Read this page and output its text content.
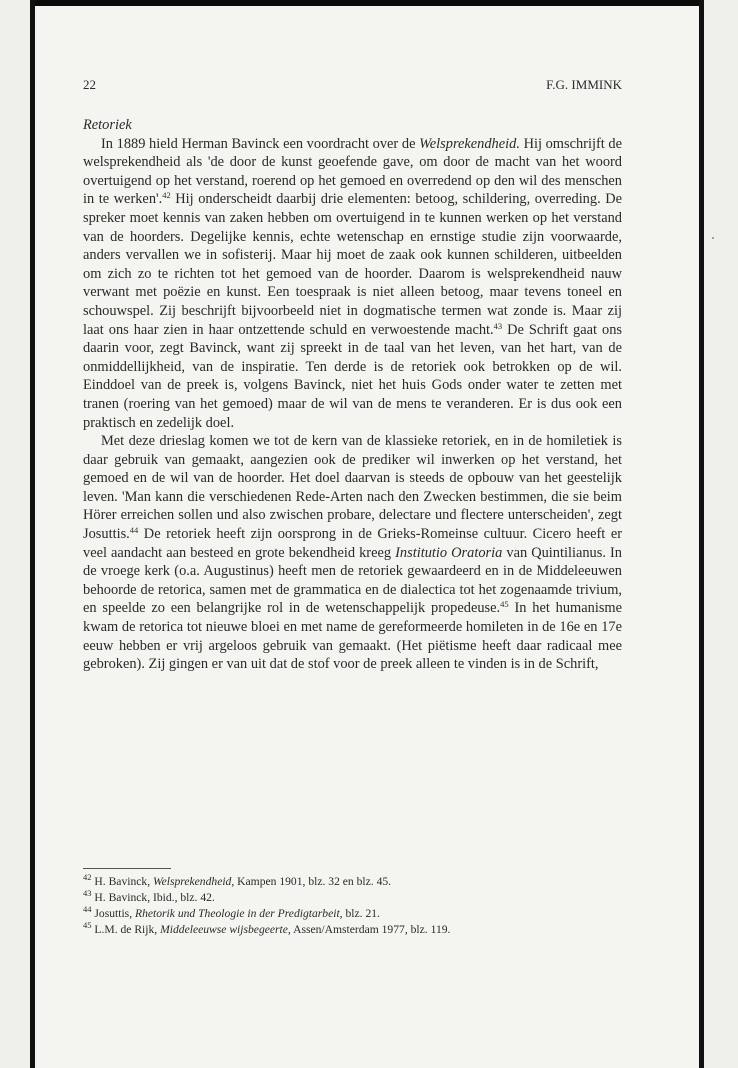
22	F.G. IMMINK

Retoriek

In 1889 hield Herman Bavinck een voordracht over de Welsprekendheid. Hij omschrijft de welsprekendheid als 'de door de kunst geoefende gave, om door de macht van het woord overtuigend op het verstand, roerend op het gemoed en overredend op den wil des menschen in te werken'.$^{42}$ Hij onderscheidt daarbij drie elementen: betoog, schildering, overreding. De spreker moet kennis van zaken hebben om overtuigend in te kunnen werken op het verstand van de hoorders. Degelijke kennis, echte wetenschap en ernstige studie zijn voorwaarde, anders vervallen we in sofisterij. Maar hij moet de zaak ook kunnen schilderen, uitbeelden om zich zo te richten tot het gemoed van de hoorder. Daarom is welsprekendheid nauw verwant met poëzie en kunst. Een toespraak is niet alleen betoog, maar tevens toneel en schouwspel. Zij beschrijft bijvoorbeeld niet in dogmatische termen wat zonde is. Maar zij laat ons haar zien in haar ontzettende schuld en verwoestende macht.$^{43}$ De Schrift gaat ons daarin voor, zegt Bavinck, want zij spreekt in de taal van het leven, van het hart, van de onmiddellijkheid, van de inspiratie. Ten derde is de retoriek ook betrokken op de wil. Einddoel van de preek is, volgens Bavinck, niet het huis Gods onder water te zetten met tranen (roering van het gemoed) maar de wil van de mens te veranderen. Er is dus ook een praktisch en zedelijk doel.

Met deze drieslag komen we tot de kern van de klassieke retoriek, en in de homiletiek is daar gebruik van gemaakt, aangezien ook de prediker wil inwerken op het verstand, het gemoed en de wil van de hoorder. Het doel daarvan is steeds de opbouw van het geestelijk leven. 'Man kann die verschiedenen Rede-Arten nach den Zwecken bestimmen, die sie beim Hörer erreichen sollen und also zwischen probare, delectare und flectere unterscheiden', zegt Josuttis.$^{44}$ De retoriek heeft zijn oorsprong in de Grieks-Romeinse cultuur. Cicero heeft er veel aandacht aan besteed en grote bekendheid kreeg Institutio Oratoria van Quintilianus. In de vroege kerk (o.a. Augustinus) heeft men de retoriek gewaardeerd en in de Middeleeuwen behoorde de retorica, samen met de grammatica en de dialectica tot het zogenaamde trivium, en speelde zo een belangrijke rol in de wetenschappelijk propedeuse.$^{45}$ In het humanisme kwam de retorica tot nieuwe bloei en met name de gereformeerde homileten in de 16e en 17e eeuw hebben er vrij argeloos gebruik van gemaakt. (Het piëtisme heeft daar radicaal mee gebroken). Zij gingen er van uit dat de stof voor de preek alleen te vinden is in de Schrift,

$^{42}$ H. Bavinck, Welsprekendheid, Kampen 1901, blz. 32 en blz. 45.

$^{43}$ H. Bavinck, Ibid., blz. 42.

$^{44}$ Josuttis, Rhetorik und Theologie in der Predigtarbeit, blz. 21.

$^{45}$ L.M. de Rijk, Middeleeuwse wijsbegeerte, Assen/Amsterdam 1977, blz. 119.
